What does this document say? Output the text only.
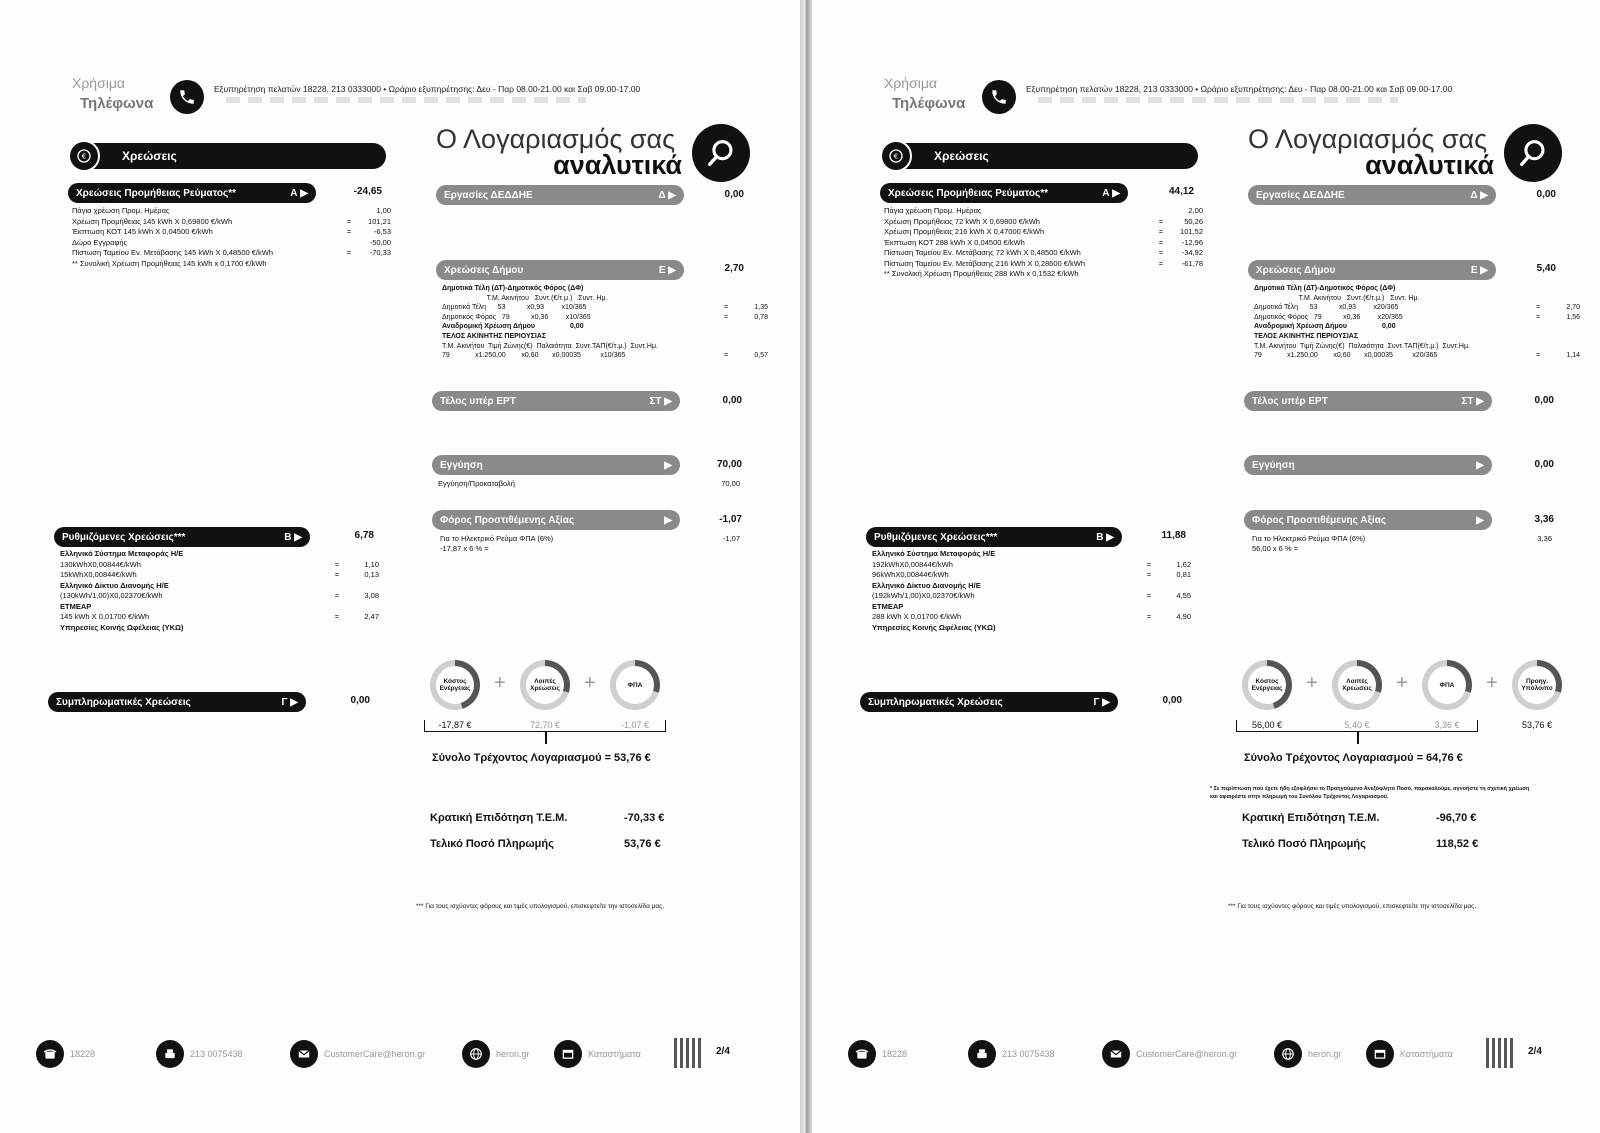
Χρήσιμα
Τηλέφωνα
Εξυπηρέτηση πελατών 18228, 213 0333000 • Ωράριο εξυπηρέτησης: Δευ - Παρ 08.00-21.00 και Σαβ 09.00-17.00
Ο Λογαριασμός σας
αναλυτικά
Χρεώσεις
€
Χρεώσεις Προμήθειας Ρεύματος**	Α ▶	-24,65
Πάγια χρέωση Προμ. Ημέρας	1,00
Χρέωση Προμήθειας 145 kWh X 0,69800 €/kWh	=	101,21
Έκπτωση ΚΟΤ 145 kWh X 0,04500 €/kWh	=	-6,53
Δώρο Εγγραφής	-50,00
Πίστωση Ταμείου Εν. Μετάβασης 145 kWh X 0,48500 €/kWh	=	-70,33
** Συνολική Χρέωση Προμήθειας 145 kWh x 0,1700 €/kWh
Ρυθμιζόμενες Χρεώσεις***	Β ▶	6,78
Ελληνικό Σύστημα Μεταφοράς Η/Ε
130kWhX0,00844€/kWh	=	1,10
15kWhX0,00844€/kWh	=	0,13
Ελληνικό Δίκτυο Διανομής Η/Ε
(130kWh/1,00)X0,02370€/kWh	=	3,08
ΕΤΜΕΑΡ
145 kWh X 0,01700 €/kWh	=	2,47
Υπηρεσίες Κοινής Ωφέλειας (ΥΚΩ)
Συμπληρωματικές Χρεώσεις	Γ ▶	0,00
Εργασίες ΔΕΔΔΗΕ	Δ ▶	0,00
Χρεώσεις Δήμου	Ε ▶	2,70
Δημοτικά Τέλη (ΔΤ)-Δημοτικός Φόρος (ΔΦ)
Τ.Μ. Ακινήτου   Συντ.(€/τ.μ.)   Συντ. Ημ.
Δημοτικά Τέλη      53           x0,93         x10/365	=	1,35
Δημοτικός Φόρος   79           x0,36         x10/365	=	0,78
Αναδρομική Χρέωση Δήμου                  0,00
ΤΕΛΟΣ ΑΚΙΝΗΤΗΣ ΠΕΡΙΟΥΣΙΑΣ
Τ.Μ. Ακινήτου  Τιμή Ζώνης(€)  Παλαιότητα  Συντ.ΤΑΠ(€/τ.μ.)  Συντ.Ημ.
79             x1.250,00        x0,60       x0,00035          x10/365	=	0,57
Τέλος υπέρ ΕΡΤ	ΣΤ ▶	0,00
Εγγύηση	▶	70,00
Εγγύηση/Προκαταβολή	70,00
Φόρος Προστιθέμενης Αξίας	▶	-1,07
Για το Ηλεκτρικό Ρεύμα ΦΠΑ (6%)
-17,87 x 6 % =
-1,07
Κόστος Ενέργειας +
-17,87 €
Λοιπές Χρεώσεις +
72,70 €
ΦΠΑ
-1,07 €
Σύνολο Τρέχοντος Λογαριασμού = 53,76 €
Κρατική Επιδότηση Τ.Ε.Μ.	-70,33 €
Τελικό Ποσό Πληρωμής	53,76 €
*** Για τους ισχύοντες φόρους και τιμές υπολογισμού, επισκεφτείτε την ιστοσελίδα μας.
18228	213 0075438	CustomerCare@heron.gr	heron.gr	Καταστήματα	2/4
* Σε περίπτωση που έχετε ήδη εξοφλήσει το Προηγούμενο Ανεξόφλητο Ποσό, παρακαλούμε, αγνοήστε τη σχετική χρέωση και αφαιρέστε στην πληρωμή του Συνόλου Τρέχοντος Λογαριασμού.
Χρήσιμα
Τηλέφωνα
Εξυπηρέτηση πελατών 18228, 213 0333000 • Ωράριο εξυπηρέτησης: Δευ - Παρ 08.00-21.00 και Σαβ 09.00-17.00
Ο Λογαριασμός σας
αναλυτικά
Χρεώσεις
€
Χρεώσεις Προμήθειας Ρεύματος**	Α ▶	44,12
Πάγια χρέωση Προμ. Ημέρας	2,00
Χρέωση Προμήθειας 72 kWh X 0,69800 €/kWh	=	50,26
Χρέωση Προμήθειας 216 kWh X 0,47000 €/kWh	=	101,52
Έκπτωση ΚΟΤ 288 kWh X 0,04500 €/kWh	=	-12,96
Πίστωση Ταμείου Εν. Μετάβασης 72 kWh X 0,48500 €/kWh	=	-34,92
Πίστωση Ταμείου Εν. Μετάβασης 216 kWh X 0,28600 €/kWh	=	-61,78
** Συνολική Χρέωση Προμήθειας 288 kWh x 0,1532 €/kWh
Ρυθμιζόμενες Χρεώσεις***	Β ▶	11,88
Ελληνικό Σύστημα Μεταφοράς Η/Ε
192kWhX0,00844€/kWh	=	1,62
96kWhX0,00844€/kWh	=	0,81
Ελληνικό Δίκτυο Διανομής Η/Ε
(192kWh/1,00)X0,02370€/kWh	=	4,55
ΕΤΜΕΑΡ
288 kWh X 0,01700 €/kWh	=	4,90
Υπηρεσίες Κοινής Ωφέλειας (ΥΚΩ)
Συμπληρωματικές Χρεώσεις	Γ ▶	0,00
Εργασίες ΔΕΔΔΗΕ	Δ ▶	0,00
Χρεώσεις Δήμου	Ε ▶	5,40
Δημοτικά Τέλη (ΔΤ)-Δημοτικός Φόρος (ΔΦ)
Τ.Μ. Ακινήτου   Συντ.(€/τ.μ.)   Συντ. Ημ.
Δημοτικά Τέλη      53           x0,93         x20/365	=	2,70
Δημοτικός Φόρος   79           x0,36         x20/365	=	1,56
Αναδρομική Χρέωση Δήμου                  0,00
ΤΕΛΟΣ ΑΚΙΝΗΤΗΣ ΠΕΡΙΟΥΣΙΑΣ
Τ.Μ. Ακινήτου  Τιμή Ζώνης(€)  Παλαιότητα  Συντ.ΤΑΠ(€/τ.μ.)  Συντ.Ημ.
79             x1.250,00        x0,60       x0,00035          x20/365	=	1,14
Τέλος υπέρ ΕΡΤ	ΣΤ ▶	0,00
Εγγύηση	▶	0,00
Φόρος Προστιθέμενης Αξίας	▶	3,36
Για το Ηλεκτρικό Ρεύμα ΦΠΑ (6%)
56,00 x 6 % =
3,36
Κόστος Ενέργειας +
56,00 €
Λοιπές Χρεώσεις +
5,40 €
ΦΠΑ	+
3,36 €
Προηγ. Υπόλοιπο
53,76 €
Σύνολο Τρέχοντος Λογαριασμού = 64,76 €
Κρατική Επιδότηση Τ.Ε.Μ.	-96,70 €
Τελικό Ποσό Πληρωμής	118,52 €
*** Για τους ισχύοντες φόρους και τιμές υπολογισμού, επισκεφτείτε την ιστοσελίδα μας.
18228	213 0075438	CustomerCare@heron.gr	heron.gr	Καταστήματα	2/4
